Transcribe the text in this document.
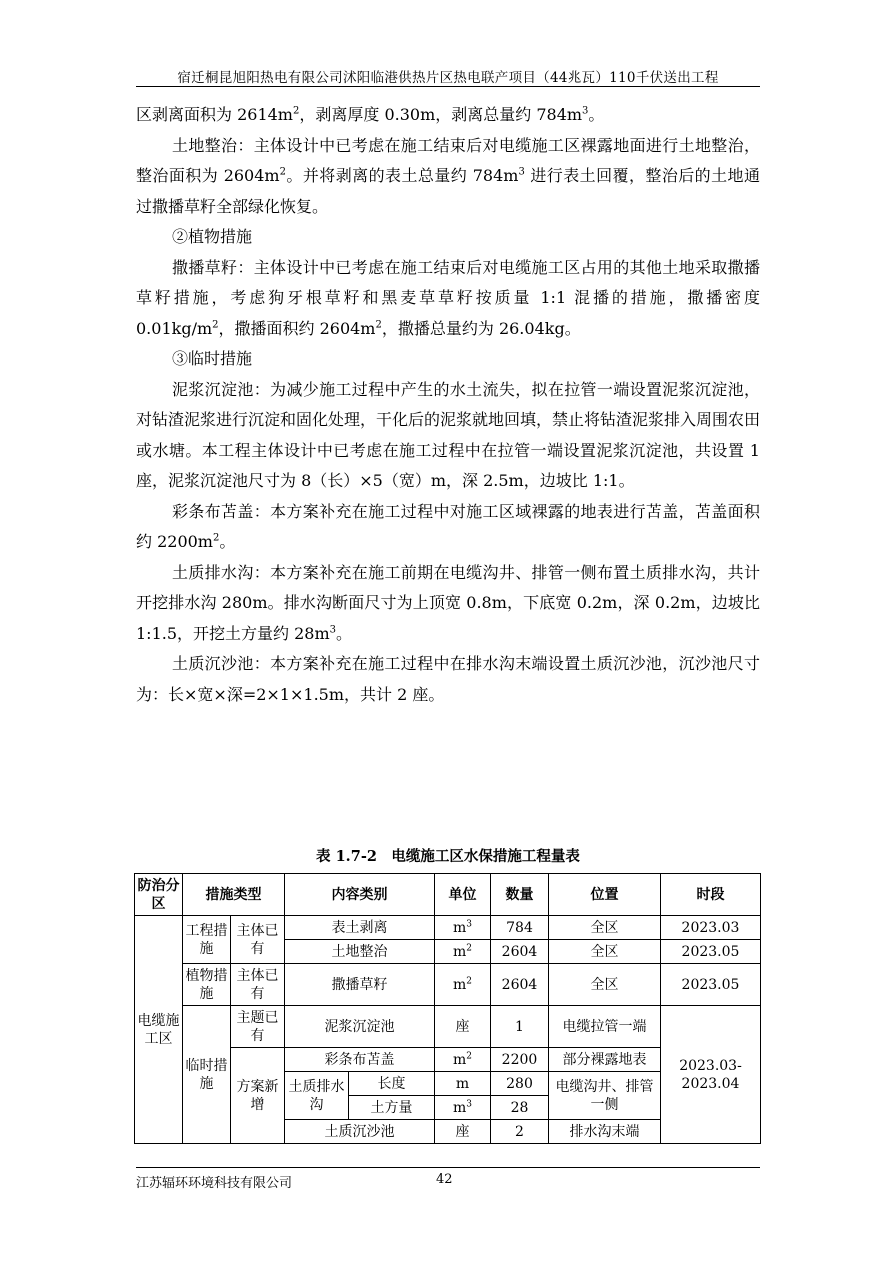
宿迁桐昆旭阳热电有限公司沭阳临港供热片区热电联产项目（44兆瓦）110千伏送出工程

区剥离面积为 $2614m^2$，剥离厚度 0.30m，剥离总量约 $784m^3$。

土地整治：主体设计中已考虑在施工结束后对电缆施工区裸露地面进行土地整治，整治面积为 $2604m^2$。并将剥离的表土总量约 $784m^3$ 进行表土回覆，整治后的土地通过撒播草籽全部绿化恢复。

②植物措施

撒播草籽：主体设计中已考虑在施工结束后对电缆施工区占用的其他土地采取撒播草籽措施，考虑狗牙根草籽和黑麦草草籽按质量 1:1 混播的措施，撒播密度 $0.01kg/m^2$，撒播面积约 $2604m^2$，撒播总量约为 26.04kg。

③临时措施

泥浆沉淀池：为减少施工过程中产生的水土流失，拟在拉管一端设置泥浆沉淀池，对钻渣泥浆进行沉淀和固化处理，干化后的泥浆就地回填，禁止将钻渣泥浆排入周围农田或水塘。本工程主体设计中已考虑在施工过程中在拉管一端设置泥浆沉淀池，共设置 1 座，泥浆沉淀池尺寸为 8（长）×5（宽）m，深 2.5m，边坡比 1:1。

彩条布苫盖：本方案补充在施工过程中对施工区域裸露的地表进行苫盖，苫盖面积约 $2200m^2$。

土质排水沟：本方案补充在施工前期在电缆沟井、排管一侧布置土质排水沟，共计开挖排水沟 280m。排水沟断面尺寸为上顶宽 0.8m，下底宽 0.2m，深 0.2m，边坡比 1:1.5，开挖土方量约 $28m^3$。

土质沉沙池：本方案补充在施工过程中在排水沟末端设置土质沉沙池，沉沙池尺寸为：长×宽×深=2×1×1.5m，共计 2 座。

表 1.7-2　电缆施工区水保措施工程量表
防治分区	措施类型		内容类别		单位	数量	位置	时段
电缆施工区	工程措施	主体已有	表土剥离		$m^3$	784	全区	2023.03
			土地整治		$m^2$	2604	全区	2023.05
	植物措施	主体已有	撒播草籽		$m^2$	2604	全区	2023.05
	临时措施	主题已有	泥浆沉淀池		座	1	电缆拉管一端	2023.03-2023.04
		方案新增	彩条布苫盖		$m^2$	2200	部分裸露地表	
			土质排水沟	长度	m	280	电缆沟井、排管一侧	
				土方量	$m^3$	28		
			土质沉沙池		座	2	排水沟末端	
江苏辐环环境科技有限公司	42
